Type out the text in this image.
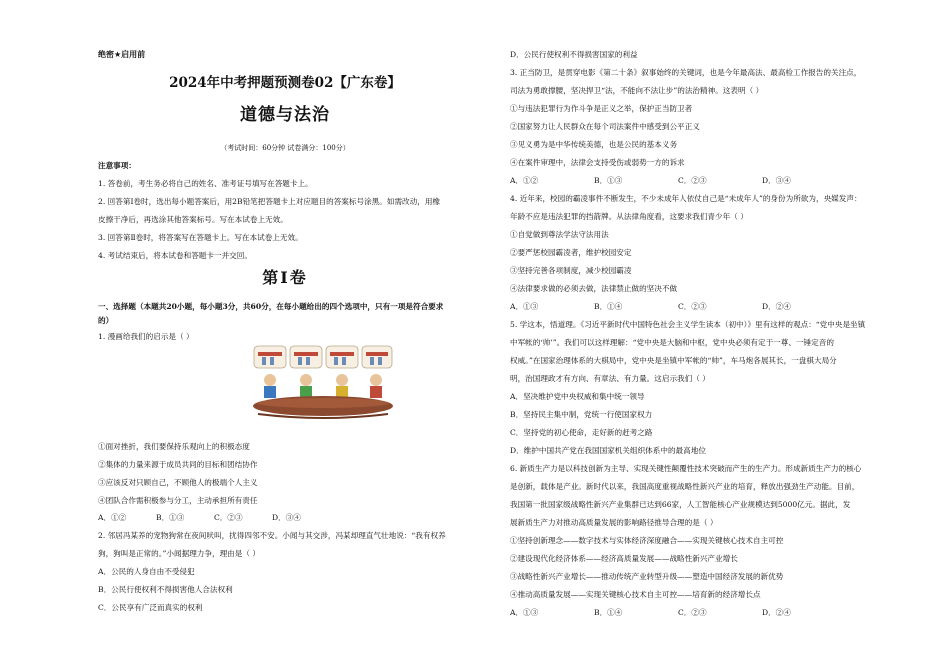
绝密★启用前
2024年中考押题预测卷02【广东卷】
道德与法治
（考试时间：60分钟 试卷满分：100分）
注意事项：
1. 答卷前，考生务必将自己的姓名、准考证号填写在答题卡上。
2. 回答第Ⅰ卷时，选出每小题答案后，用2B铅笔把答题卡上对应题目的答案标号涂黑。如需改动，用橡
皮擦干净后，再选涂其他答案标号。写在本试卷上无效。
3. 回答第Ⅱ卷时，将答案写在答题卡上。写在本试卷上无效。
4. 考试结束后，将本试卷和答题卡一并交回。
第Ⅰ卷
一、选择题（本题共20小题，每小题3分，共60分，在每小题给出的四个选项中，只有一项是符合要求
的）
1. 漫画给我们的启示是（ ）
①面对挫折，我们要保持乐观向上的积极态度
②集体的力量来源于成员共同的目标和团结协作
③应该反对只顾自己，不顾他人的极端个人主义
④团队合作需积极参与分工，主动承担所有责任
A．①②	B．①③	C．②③	D．③④
2. 邻居冯某养的宠物狗常在夜间吠叫，扰得四邻不安。小闻与其交涉，冯某却理直气壮地说：“我有权养
狗，狗叫是正常的。”小闻据理力争，理由是（ ）
A．公民的人身自由不受侵犯
B．公民行使权利不得损害他人合法权利
C．公民享有广泛而真实的权利
D．公民行使权利不得损害国家的利益
3. 正当防卫，是贯穿电影《第二十条》叙事始终的关键词，也是今年最高法、最高检工作报告的关注点，
司法为勇敢撑腰，坚决捍卫“法，不能向不法让步”的法治精神。这表明（ ）
①与违法犯罪行为作斗争是正义之举，保护正当防卫者
②国家努力让人民群众在每个司法案件中感受到公平正义
③见义勇为是中华传统美德，也是公民的基本义务
④在案件审理中，法律会支持受伤或弱势一方的诉求
A．①②	B．①③	C．②③	D．③④
4. 近年来，校园的霸凌事件不断发生，不少未成年人依仗自己是“未成年人”的身份为所欲为，央媒发声：
年龄不应是违法犯罪的挡箭牌。从法律角度看，这要求我们青少年（ ）
①自觉做到尊法学法守法用法
②要严惩校园霸凌者，维护校园安定
③坚持完善各项制度，减少校园霸凌
④法律要求做的必须去做，法律禁止做的坚决不做
A．①③	B．①④	C．②③	D．②④
5. 学这本，悟道理。《习近平新时代中国特色社会主义学生读本（初中）》里有这样的观点：“党中央是坐镇
中军帐的‘帅’”。我们可以这样理解：“党中央是大脑和中枢，党中央必须有定于一尊、一锤定音的
权威。”在国家治理体系的大棋局中，党中央是坐镇中军帐的“帅”，车马炮各展其长，一盘棋大局分
明，治国理政才有方向、有章法、有力量。这启示我们（ ）
A．坚决维护党中央权威和集中统一领导
B．坚持民主集中制，党统一行使国家权力
C．坚持党的初心使命，走好新的赶考之路
D．维护中国共产党在我国国家机关组织体系中的最高地位
6. 新质生产力是以科技创新为主导、实现关键性颠覆性技术突破而产生的生产力。形成新质生产力的核心
是创新，载体是产业。新时代以来，我国高度重视战略性新兴产业的培育，释放出强劲生产动能。目前，
我国第一批国家级战略性新兴产业集群已达到66家，人工智能核心产业规模达到5000亿元。据此，发
展新质生产力对推动高质量发展的影响路径推导合理的是（ ）
①坚持创新理念——数字技术与实体经济深度融合——实现关键核心技术自主可控
②建设现代化经济体系——经济高质量发展——战略性新兴产业增长
③战略性新兴产业增长——推动传统产业转型升级——塑造中国经济发展的新优势
④推动高质量发展——实现关键核心技术自主可控——培育新的经济增长点
A．①③	B．①④	C．②③	D．②④
